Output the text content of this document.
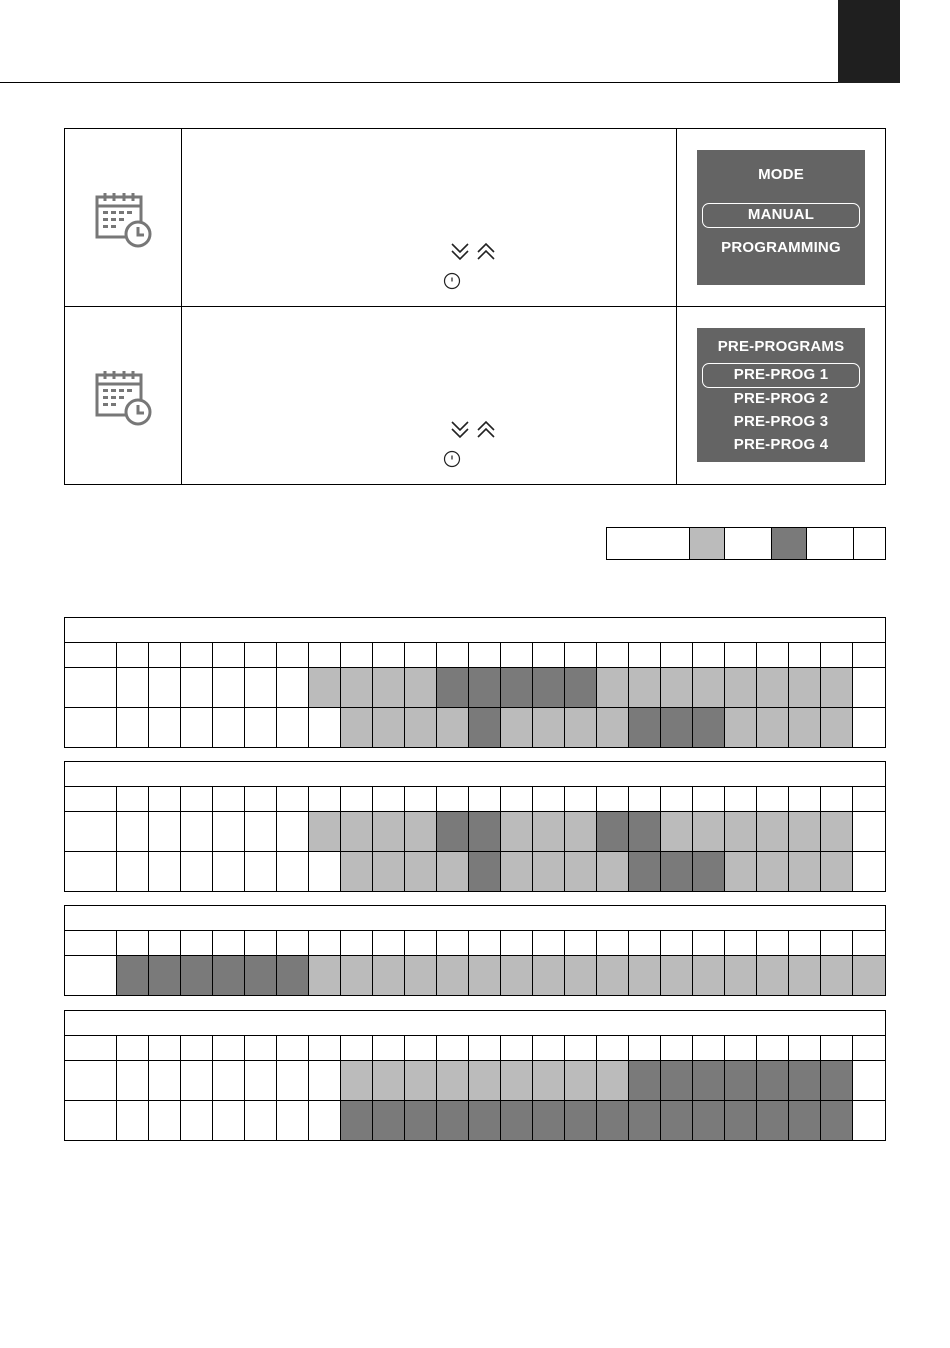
MODE
MANUAL
PROGRAMMING
PRE-PROGRAMS
PRE-PROG 1
PRE-PROG 2
PRE-PROG 3
PRE-PROG 4
